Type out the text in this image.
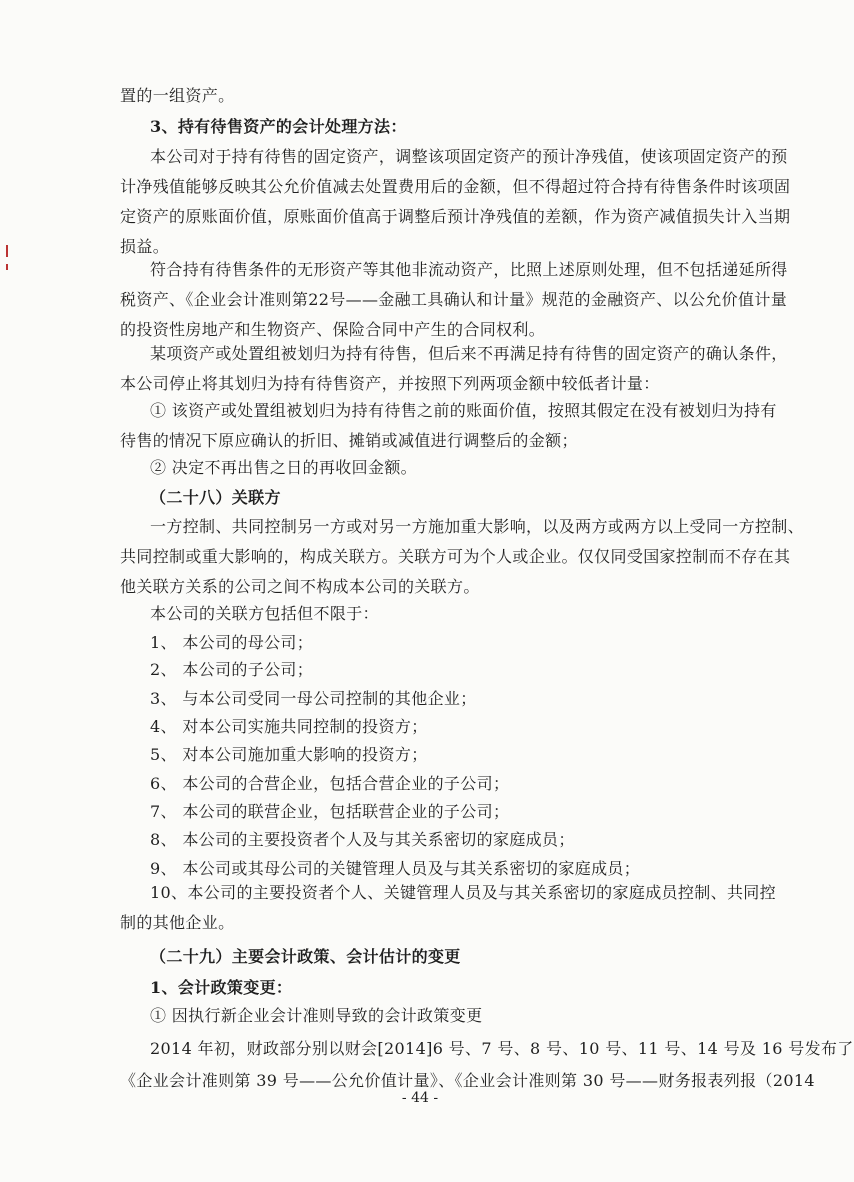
置的一组资产。
3、持有待售资产的会计处理方法：
本公司对于持有待售的固定资产，调整该项固定资产的预计净残值，使该项固定资产的预
计净残值能够反映其公允价值减去处置费用后的金额，但不得超过符合持有待售条件时该项固
定资产的原账面价值，原账面价值高于调整后预计净残值的差额，作为资产减值损失计入当期
损益。
符合持有待售条件的无形资产等其他非流动资产，比照上述原则处理，但不包括递延所得
税资产、《企业会计准则第22号——金融工具确认和计量》规范的金融资产、以公允价值计量
的投资性房地产和生物资产、保险合同中产生的合同权利。
某项资产或处置组被划归为持有待售，但后来不再满足持有待售的固定资产的确认条件，
本公司停止将其划归为持有待售资产，并按照下列两项金额中较低者计量：
① 该资产或处置组被划归为持有待售之前的账面价值，按照其假定在没有被划归为持有
待售的情况下原应确认的折旧、摊销或减值进行调整后的金额；
② 决定不再出售之日的再收回金额。
（二十八）关联方
一方控制、共同控制另一方或对另一方施加重大影响，以及两方或两方以上受同一方控制、
共同控制或重大影响的，构成关联方。关联方可为个人或企业。仅仅同受国家控制而不存在其
他关联方关系的公司之间不构成本公司的关联方。
本公司的关联方包括但不限于：
1、 本公司的母公司；
2、 本公司的子公司；
3、 与本公司受同一母公司控制的其他企业；
4、 对本公司实施共同控制的投资方；
5、 对本公司施加重大影响的投资方；
6、 本公司的合营企业，包括合营企业的子公司；
7、 本公司的联营企业，包括联营企业的子公司；
8、 本公司的主要投资者个人及与其关系密切的家庭成员；
9、 本公司或其母公司的关键管理人员及与其关系密切的家庭成员；
10、本公司的主要投资者个人、关键管理人员及与其关系密切的家庭成员控制、共同控
制的其他企业。
（二十九）主要会计政策、会计估计的变更
1、会计政策变更：
① 因执行新企业会计准则导致的会计政策变更
2014 年初，财政部分别以财会[2014]6 号、7 号、8 号、10 号、11 号、14 号及 16 号发布了
《企业会计准则第 39 号——公允价值计量》、《企业会计准则第 30 号——财务报表列报（2014
- 44 -
